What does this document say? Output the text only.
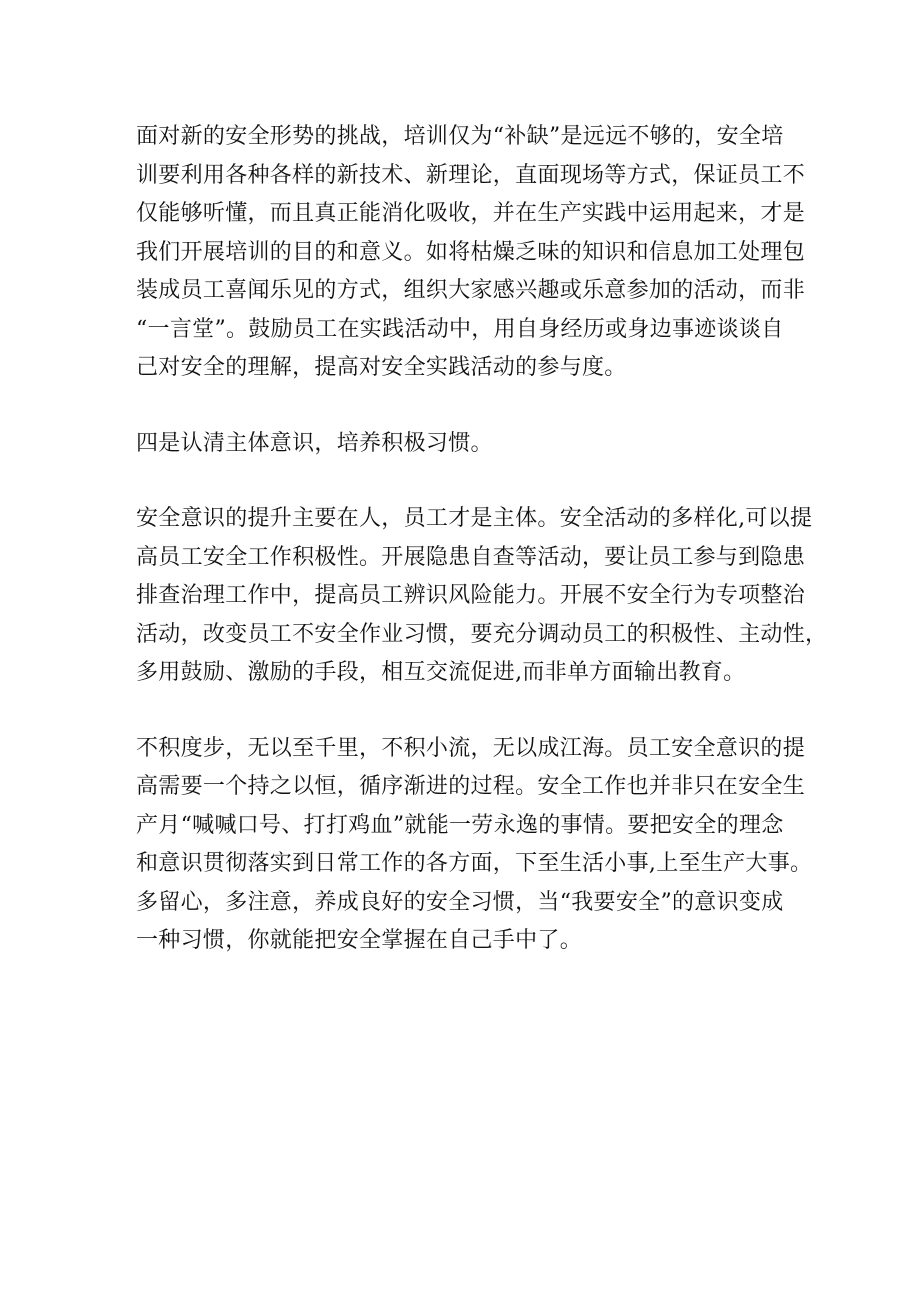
面对新的安全形势的挑战，培训仅为“补缺”是远远不够的，安全培
训要利用各种各样的新技术、新理论，直面现场等方式，保证员工不
仅能够听懂，而且真正能消化吸收，并在生产实践中运用起来，才是
我们开展培训的目的和意义。如将枯燥乏味的知识和信息加工处理包
装成员工喜闻乐见的方式，组织大家感兴趣或乐意参加的活动，而非
“一言堂”。鼓励员工在实践活动中，用自身经历或身边事迹谈谈自
己对安全的理解，提高对安全实践活动的参与度。
四是认清主体意识，培养积极习惯。
安全意识的提升主要在人，员工才是主体。安全活动的多样化,可以提
高员工安全工作积极性。开展隐患自查等活动，要让员工参与到隐患
排查治理工作中，提高员工辨识风险能力。开展不安全行为专项整治
活动，改变员工不安全作业习惯，要充分调动员工的积极性、主动性，
多用鼓励、激励的手段，相互交流促进,而非单方面输出教育。
不积度步，无以至千里，不积小流，无以成江海。员工安全意识的提
高需要一个持之以恒，循序渐进的过程。安全工作也并非只在安全生
产月“喊喊口号、打打鸡血”就能一劳永逸的事情。要把安全的理念
和意识贯彻落实到日常工作的各方面，下至生活小事,上至生产大事。
多留心，多注意，养成良好的安全习惯，当“我要安全”的意识变成
一种习惯，你就能把安全掌握在自己手中了。
